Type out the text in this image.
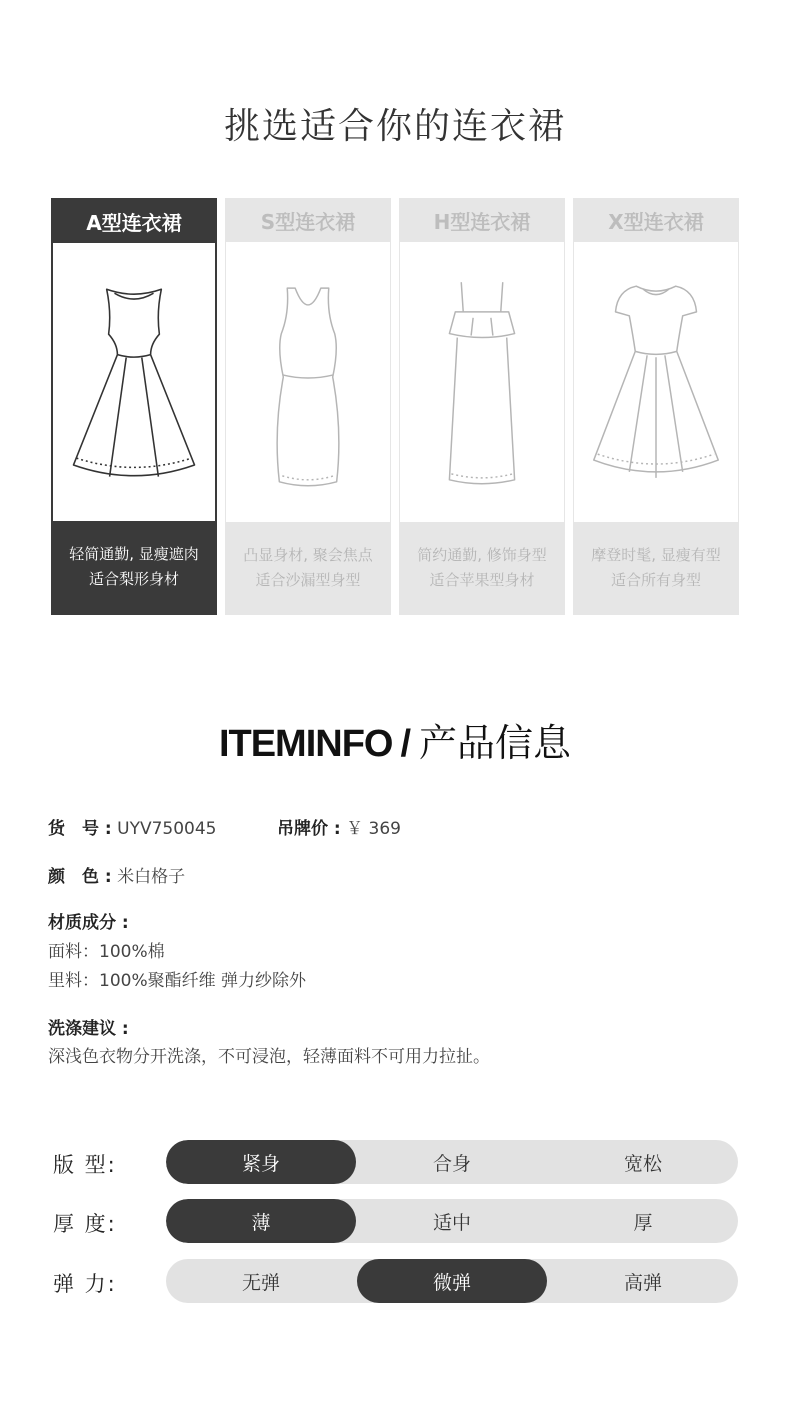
挑选适合你的连衣裙
A型连衣裙
轻简通勤, 显瘦遮肉
适合梨形身材
S型连衣裙
凸显身材, 聚会焦点
适合沙漏型身型
H型连衣裙
简约通勤, 修饰身型
适合苹果型身材
X型连衣裙
摩登时髦, 显瘦有型
适合所有身型
ITEMINFO / 产品信息
货　号 : UYV750045	吊牌价 : ￥ 369
颜　色 : 米白格子
材质成分 :
面料：100%棉
里料：100%聚酯纤维 弹力纱除外
洗涤建议 :
深浅色衣物分开洗涤，不可浸泡，轻薄面料不可用力拉扯。
版 型:	紧身	合身	宽松
厚 度:	薄	适中	厚
弹 力:	无弹	微弹	高弹
